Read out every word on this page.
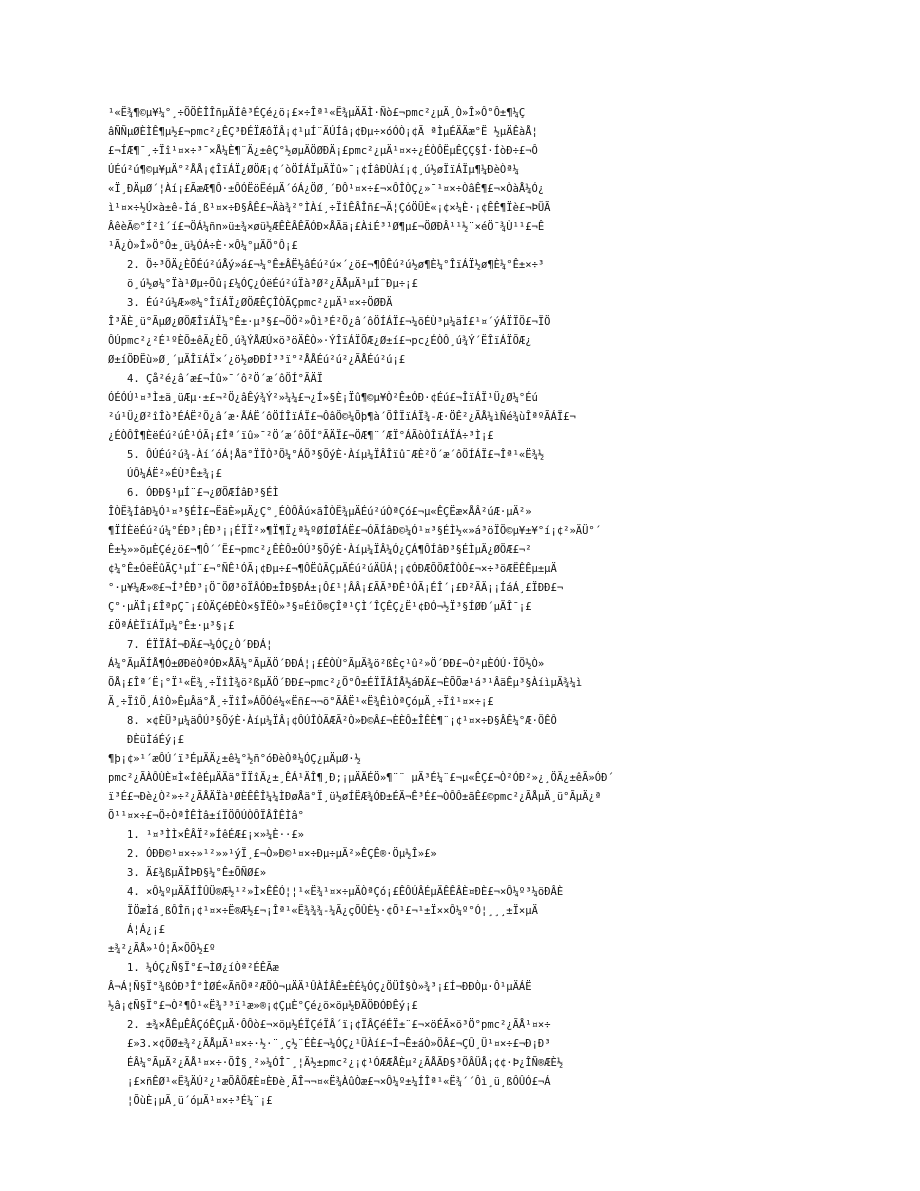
¹«Ë¾¶©µ¥¼°¸÷ÖÖÈÎÎñµÄÍê³ÉÇé¿ö¡£×÷Îª¹«Ë¾µÄÄÌ·Ñò£¬pmc²¿µÄ¸Ò»Î»Ô°Ô±¶¼Ç
âÑÑµØÈÌÊ¶µ½£¬pmc²¿ÊÇ³ÐÉÏÆôÏÂ¡¢¹µÍ¨ÄÚÍâ¡¢Ðµ÷×óÓÒ¡¢Ã ªÌµÉÄÄæ°Ë ½µÄÊàÅ¦
£¬ÍÆ¶¯¸÷Ïî¹¤×÷³¯×Å¼È¶¨Ä¿±êÇ°½øµÄÖØÐÄ¡£pmc²¿µÄ¹¤×÷¿ÉÒÔËµÊÇÇ§Í·ÍòÐ÷£¬Ô
ÚÉú²ú¶©µ¥µÄ°²ÅÅ¡¢ÎïÁÏ¿ØÖÆ¡¢´òÖÍÁÏµÄÏû»¯¡¢ÍâÐÙÀí¡¢¸ú½øÏïÁÏµ¶¼ÐèÒª¼
«Ï¸ÐÄµØ´¦Àí¡£ÃæÆ¶Ô·±ÔÓËöËéµÄ´óÁ¿ÖØ¸´ÐÔ¹¤×÷£¬×ÔÎÒÇ¿»¯¹¤×÷ÒâÊ¶£¬×ÒàÅ¼Ó¿
ì¹¤×÷½Ú×à±ê-Ìá¸ß¹¤×÷Ð§ÂÊ£¬Äà¾²°ÌÀí¸÷ÏîÊÂÎñ£¬Ä¦ÇóÖÜÈ«¡¢×¼È·¡¢ÊÊ¶Ïè£¬ÞÜÃ
ÂêèÃ©°Í²î´í£¬ÖÁ¼ñn»ü±¾×øü½ÆÊÈÂÊÃÓÐ×ÅÃä¡£ÀiÉ³¹Ø¶µ£¬ÖØÐÂ¹¹½¨×éÖ¯¾Ù¹¹£¬Ê
¹Ã¿Ò»Î»Ö°Ô±¸ü¼ÓÁ÷È·×Ô¼°µÄÖ°Ô¡£
2. Ö÷³ÖÄ¿ÈÕÉú²úÅý»á£¬¼°Ê±ÂË½âÉú²ú×´¿ö£¬¶ÔÊú²ú½ø¶È¼°ÎïÁÏ½ø¶È¼°Ê±×÷³
ö¸ú½ø¼°Ïà¹Øµ÷Õû¡£¼ÓÇ¿ÓëÉú²úÏà³Ø²¿ÃÅµÄ¹µÍ¨Ðµ÷¡£
3. Éú²ú¼Æ»®¼°ÎïÁÏ¿ØÖÆÊÇÎÒÃÇpmc²¿µÄ¹¤×÷ÖØÐÄ
Î³ÄÈ¸ü°ÃµØ¿ØÖÆÎïÁÏ¼°Ê±·µ³§£¬ÖÖ²»Ôì³É²Ö¿â´ôÖÍÁÏ£¬¼õÉÙ³µ¼äÍ£¹¤´ýÁÏÏÖ£¬ÏÖ
ÔÚpmc²¿²É¹ºÈÕ±êÃ¿ÈÕ¸ú¾ÝÅÆÚ×ö³öÄÊÒ»·ÝÎïÁÏÕÆ¿Ø±í£¬pc¿ÉÒÔ¸ú¾Ý´ËÎïÁÏÕÆ¿
Ø±íÖÐËù»Ø¸´µÄÎïÁÏ×´¿ö½øÐÐÍ³³ï°²ÅÅÉú²ú²¿ÃÅÉú²ú¡£
4. Çå²é¿â´æ£¬Íû»¯´ô²Ö´æ´ôÖÍ°ÃÄÏ
ÓÉÓÚ¹¤³Ì±ä¸üÆµ·±£¬²Ö¿âÊý¾Ý²»¼¼£¬¿Í»§È¡Ïû¶©µ¥Ò²Ê±ÓÐ·¢Éú£¬ÎïÁÏ¹Ü¿Ø¼°Éú
²ú¹Ü¿Ø²îÎò³ÉÁË²Ö¿â´æ·ÅÁË´ôÖÍÎïÁÏ£¬ÔâÖ©¼Õþ¶à´ÕÎÏïÁÏ¾-Æ·ÖÊ²¿ÃÅ¼ìÑé¾ùÎªºÃÁÏ£¬
¿ÉÒÔÎ¶ÈëÉú²úÊ¹ÓÃ¡£Îª´ïû»¯²Ö´æ´ôÖÍ°ÃÄÏ£¬ÖÆ¶¨´ÆÏ°ÁÃòÒÎïÁÏÁ÷³Ì¡£
5. ÔÚÉú²ú¾-Àí´óÁ¦Åä°ÏÏÒ³Ö¼°ÁÖ³§ÕýÈ·Àíµ¼ÏÂÎïû¯ÆÈ²Ö´æ´ôÖÍÁÏ£¬Îª¹«Ë¾½
ÚÔ¼ÁË²»ÉÙ³Ê±¾¡£
6. ÓÐÐ§¹µÍ¨£¬¿ØÖÆÍâÐ³§ÉÌ
ÎÒË¾ÍâÐ¼Ó¹¤³§ÉÌ£¬ËäÈ»µÄ¿Ç°¸ÉÒÔÂú×ãÎÒË¾µÄÉú²úÒªÇó£¬µ«ÊÇËæ×ÅÂ²úÆ·µÄ²»
¶ÏÍÈëÉú²ú¼°ÉÐ³¡ÊÐ³¡¡ÉÏÏ²»¶Ï¶Ï¿ª¼ºØÍØÎÁË£¬ÓÃÍâÐ©¼Ó¹¤³§ÉÌ½«»á³öÏÖ©µ¥±¥°í¡¢²»ÄÜ°´
Ê±½»»õµÈÇé¿ö£¬¶Ô´´Ë£¬pmc²¿ÊÈÔ±ÓÚ³§ÕýÈ·Àíµ¼ÏÂ¼Ó¿ÇÁ¶ÔÍâÐ³§ÉÌµÄ¿ØÖÆ£¬²
¢¼°Ê±ÓëËûÃÇ¹µÍ¨£¬°ÑÊ¹ÓÃ¡¢Ðµ÷£¬¶ÔËûÃÇµÄÉú²úÄÜÁ¦¡¢ÓÐÆÕÖÆÎÒÔ£¬×÷³öÆËÊÊµ±µÄ
°·µ¥¼Æ»®£¬Í³ÊÐ³¡Ö¯ÖØ³öÏÂÓÐ±ÎÐ§ÐÁ±¡Ô£¹¦ÂÂ¡£ÃÃ³ÐÊ¹ÓÃ¡ÉÎ´¡£Ð²ÃÄ¡¡ÍáÁ¸£ÏÐÐ£¬
Ç°·µÄÎ¡£ÎªpÇ¯¡£ÒÄÇéÐÈÒ×§ÏËÒ»³§¤ÉîÖ®ÇÎª¹ÇÌ´ÎÇÊÇ¿Ë¹¢ÐÓ¬½Ï³§ÍØÐ´µÄÎ¯¡£
£ÖªÁÈÏïÁÏµ¼°Ê±·µ³§¡£
7. ÉÏÏÂÍ¬ÐÄ£¬¼ÓÇ¿Ò´ÐÐÁ¦
Á¼°ÃµÄÍÅ¶Ó±ØÐëÒªÓÐ×ÅÃ¼°ÃµÄÖ´ÐÐÁ¦¡£ÊÒÙ°ÃµÄ¾ö²ßÈç¹û²»Ö´ÐÐ£¬Ò²µÈÓÚ·ÏÖ½Ò»
ÕÅ¡£Îª´Ë¡°Ï¹«Ë¾¸÷ÏîÌ¾ö²ßµÄÖ´ÐÐ£¬pmc²¿Ö°Ô±ÉÏÏÂÍÅ½áÐÄ£¬ÈÕÕæ¹á³¹ÂäÊµ³§ÀíìµÄ¾¼ì
Ä¸÷ÏîÖ¸ÁîÒ»ÊµÂä°Å¸÷ÏîÎ»ÁÕÓé¼«Ëñ£¬¬ö°ÃÂË¹«Ë¾ÊìÒªÇóµÄ¸÷Ïî¹¤×÷¡£
8. ×¢ÈÜ³µ¼äÔÚ³§ÕýÈ·Àíµ¼ÏÂ¡¢ÔÚÎÒÃÆÃ²Ò»Ð©Â£¬ÈÈÔ±ÎÊÈ¶¨¡¢¹¤×÷Ð§ÂÊ¼°Æ·ÖÊÔ
ÐÈüÌáÉý¡£
¶þ¡¢»¹´æÔÚ´ï³ÉµÄÄ¿±ê¼°½ñ°óÐèÒª¼ÓÇ¿µÄµØ·½
pmc²¿ÃÀÔÙÈ¤Ì«ÍêÉµÄÄä°ÏÏîÄ¿±¸ÊÁ¹ÄÎ¶¸Ð;¡µÄÄÉÖ»¶¨¨ µÄ³É¼¨£¬µ«ÊÇ£¬Ò²ÓÐ²»¿¸ÖÄ¿±êÃ»ÓÐ´
ï³É£¬Ðè¿Ò²»÷²¿ÃÅÄÏà¹ØÈÊÊÎ¼¼ÌÐøÅä°Ï¸ü½øÍËÆ¾ÓÐ±ÉÄ¬Ê³É£¬ÒÔÔ±ãÊ£©pmc²¿ÃÅµÄ¸ü°ÃµÄ¿ª
Õ¹¹¤×÷£¬Ö÷ÒªÎÊÌâ±íÏÖÔÚÒÔÏÂÎÊÌâ°
1. ¹¤³ÌÌ×ÊÂÏ²»ÍêÉÆ£¡×»¼È··£»
2. ÓÐÐ©¹¤×÷»¹²»»¹ýÏ¸£¬Ò»Ð©¹¤×÷Ðµ÷µÄ²»ÊÇÊ®·Öµ½Î»£»
3. Ä£¾ßµÄÎÞÐ§¼°Ê±ÕÑØ£»
4. ×Ô¼ºµÄÃÍÎÛÜ®Æ½¹²»Ì×ÊÊÓ¦¦¹«Ë¾¹¤×÷µÄÒªÇó¡£ÊÔÚÂÉµÄÊÊÂÈ¤ÐÈ£¬×Ô¼º³¼öÐÂÈ
ÏÖæÌá¸ßÔÎñ¡¢¹¤×÷Ë®Æ½£¬¡Îª¹«Ë¾¾¾-¼Ã¿çÕÛÈ½·¢Õ¹£¬¹±Ï××Ô¼º°Ó¦¸¸¸±Ï×µÄ
Á¦Á¿¡£
±¾²¿ÃÅ»¹Ó¦Ã×ÖÕ½£º
1. ¼ÓÇ¿Ñ§Ï°£¬ÌØ¿íÒª²ÉÊÃæ
Â¬Á¦Ñ§Ï°¾ßÓÐ³Î°ÌØÉ«ÃñÖª²ÆÖÒ¬µÄÄ¹ÛÀÍÂÊ±ÈÉ¼ÓÇ¿ÖÜÎ§Ò»¾³¡£Í¬ÐÐÒµ·Ô¹µÄÁË
½â¡¢Ñ§Ï°£¬Ò²¶Ô¹«Ë¾³³ï¹æ»®¡¢ÇµÈ°Çé¿ö×öµ½ÐÄÖÐÓÐÊý¡£
2. ±¾×ÅÊµÊÂÇóÊÇµÄ·ÔÔò£¬×öµ½ÉÏÇéÏÂ´ï¡¢ÏÂÇéÉÏ±¨£¬×öÉÃ×ö³Ö°pmc²¿ÃÅ¹¤×÷
£»3.×¢ÖØ±¾²¿ÃÅµÄ¹¤×÷·½·¨¸ç½¨ÉÈ£¬¼ÓÇ¿¹ÜÀí£¬Í¬Ê±áÒ»ÖÂ£¬ÇÛ¸Ü¹¤×÷£¬Ð¡Ð³
ÉÂ¼°ÃµÄ²¿ÃÅ¹¤×÷·ÕÎ§¸²»¼ÓÎ¯¸¦Ä½±pmc²¿¡¢¹ÓÆÆÅÈµ²¿ÃÅÃÐ§³ÖÂÜÅ¡¢¢·Þ¿ÎÑ®ÆÈ½
¡£×ñÊØ¹«Ë¾ÄÚ²¿¹æÕÂÖÆÈ¤ÈÐè¸ÃÎ¬¬¤«Ë¾ÀûÒæ£¬×Ô¼º±¼ÍÎª¹«Ë¾´´Ôì¸ü¸ßÔÛÓ£¬Á
¦ÕùÈ¡µÃ¸ü´óµÄ¹¤×÷³É¼¨¡£
